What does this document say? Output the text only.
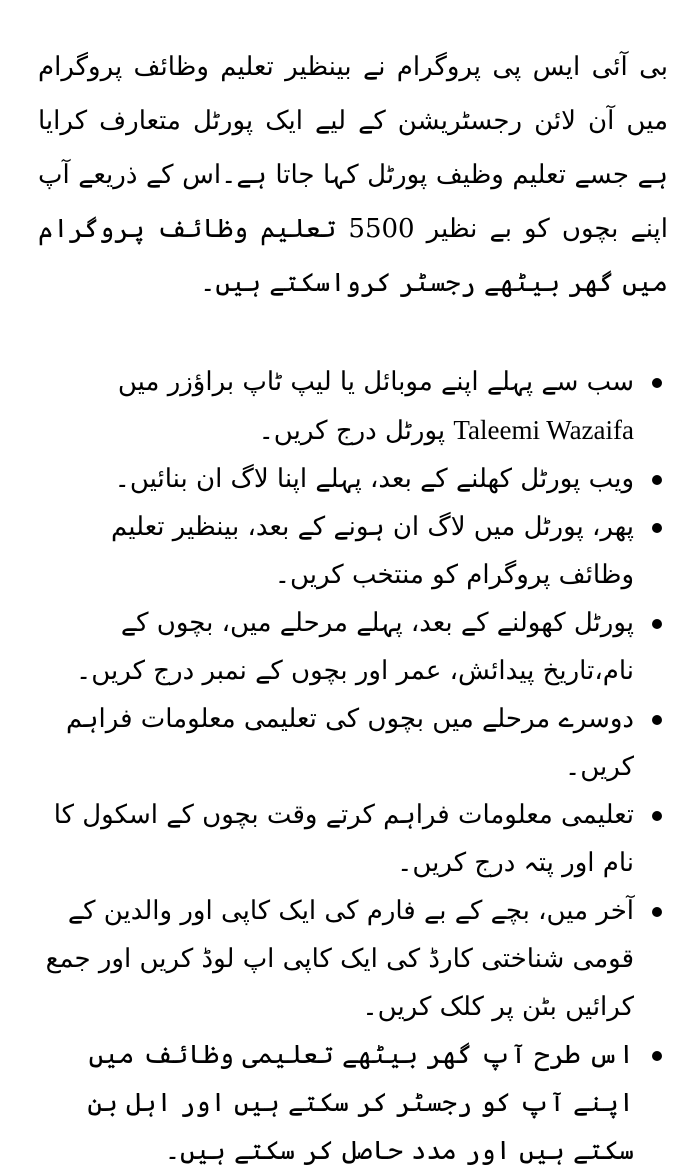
بی آئی ایس پی پروگرام نے بینظیر تعلیم وظائف پروگرام میں آن لائن رجسٹریشن کے لیے ایک پورٹل متعارف کرایا ہے جسے تعلیم وظیف پورٹل کہا جاتا ہے۔اس کے ذریعے آپ اپنے بچوں کو بے نظیر 5500 تعلیم وظائف پروگرام میں گھر بیٹھے رجسٹر کرواسکتے ہیں۔

سب سے پہلے اپنے موبائل یا لیپ ٹاپ براؤزر میں Taleemi Wazaifa پورٹل درج کریں۔
ویب پورٹل کھلنے کے بعد، پہلے اپنا لاگ ان بنائیں۔
پھر، پورٹل میں لاگ ان ہونے کے بعد، بینظیر تعلیم وظائف پروگرام کو منتخب کریں۔
پورٹل کھولنے کے بعد، پہلے مرحلے میں، بچوں کے نام،تاریخ پیدائش، عمر اور بچوں کے نمبر درج کریں۔
دوسرے مرحلے میں بچوں کی تعلیمی معلومات فراہم کریں۔
تعلیمی معلومات فراہم کرتے وقت بچوں کے اسکول کا نام اور پتہ درج کریں۔
آخر میں، بچے کے بے فارم کی ایک کاپی اور والدین کے قومی شناختی کارڈ کی ایک کاپی اپ لوڈ کریں اور جمع کرائیں بٹن پر کلک کریں۔
اس طرح آپ گھر بیٹھے تعلیمی وظائف میں اپنے آپ کو رجسٹر کر سکتے ہیں اور اہل بن سکتے ہیں اور مدد حاصل کر سکتے ہیں۔
